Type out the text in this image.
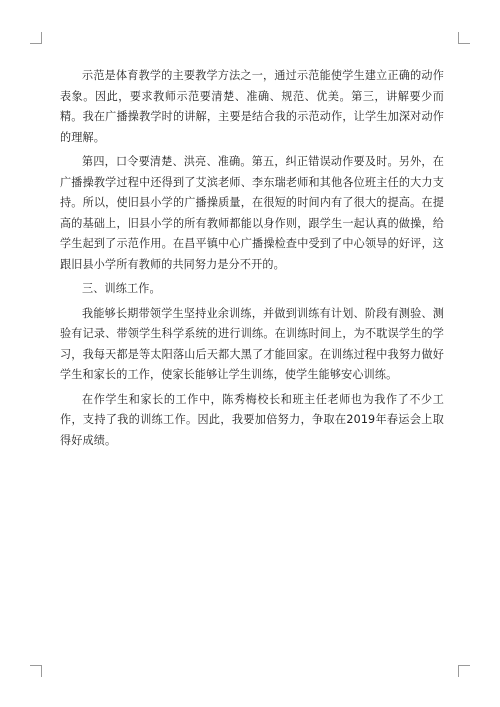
示范是体育教学的主要教学方法之一，通过示范能使学生建立正确的动作表象。因此，要求教师示范要清楚、准确、规范、优美。第三，讲解要少而精。我在广播操教学时的讲解，主要是结合我的示范动作，让学生加深对动作的理解。

第四，口令要清楚、洪亮、准确。第五，纠正错误动作要及时。另外，在广播操教学过程中还得到了艾滨老师、李东瑞老师和其他各位班主任的大力支持。所以，使旧县小学的广播操质量，在很短的时间内有了很大的提高。在提高的基础上，旧县小学的所有教师都能以身作则，跟学生一起认真的做操，给学生起到了示范作用。在昌平镇中心广播操检查中受到了中心领导的好评，这跟旧县小学所有教师的共同努力是分不开的。

三、训练工作。

我能够长期带领学生坚持业余训练，并做到训练有计划、阶段有测验、测验有记录、带领学生科学系统的进行训练。在训练时间上，为不耽误学生的学习，我每天都是等太阳落山后天都大黑了才能回家。在训练过程中我努力做好学生和家长的工作，使家长能够让学生训练，使学生能够安心训练。

在作学生和家长的工作中，陈秀梅校长和班主任老师也为我作了不少工作，支持了我的训练工作。因此，我要加倍努力，争取在2019年春运会上取得好成绩。
